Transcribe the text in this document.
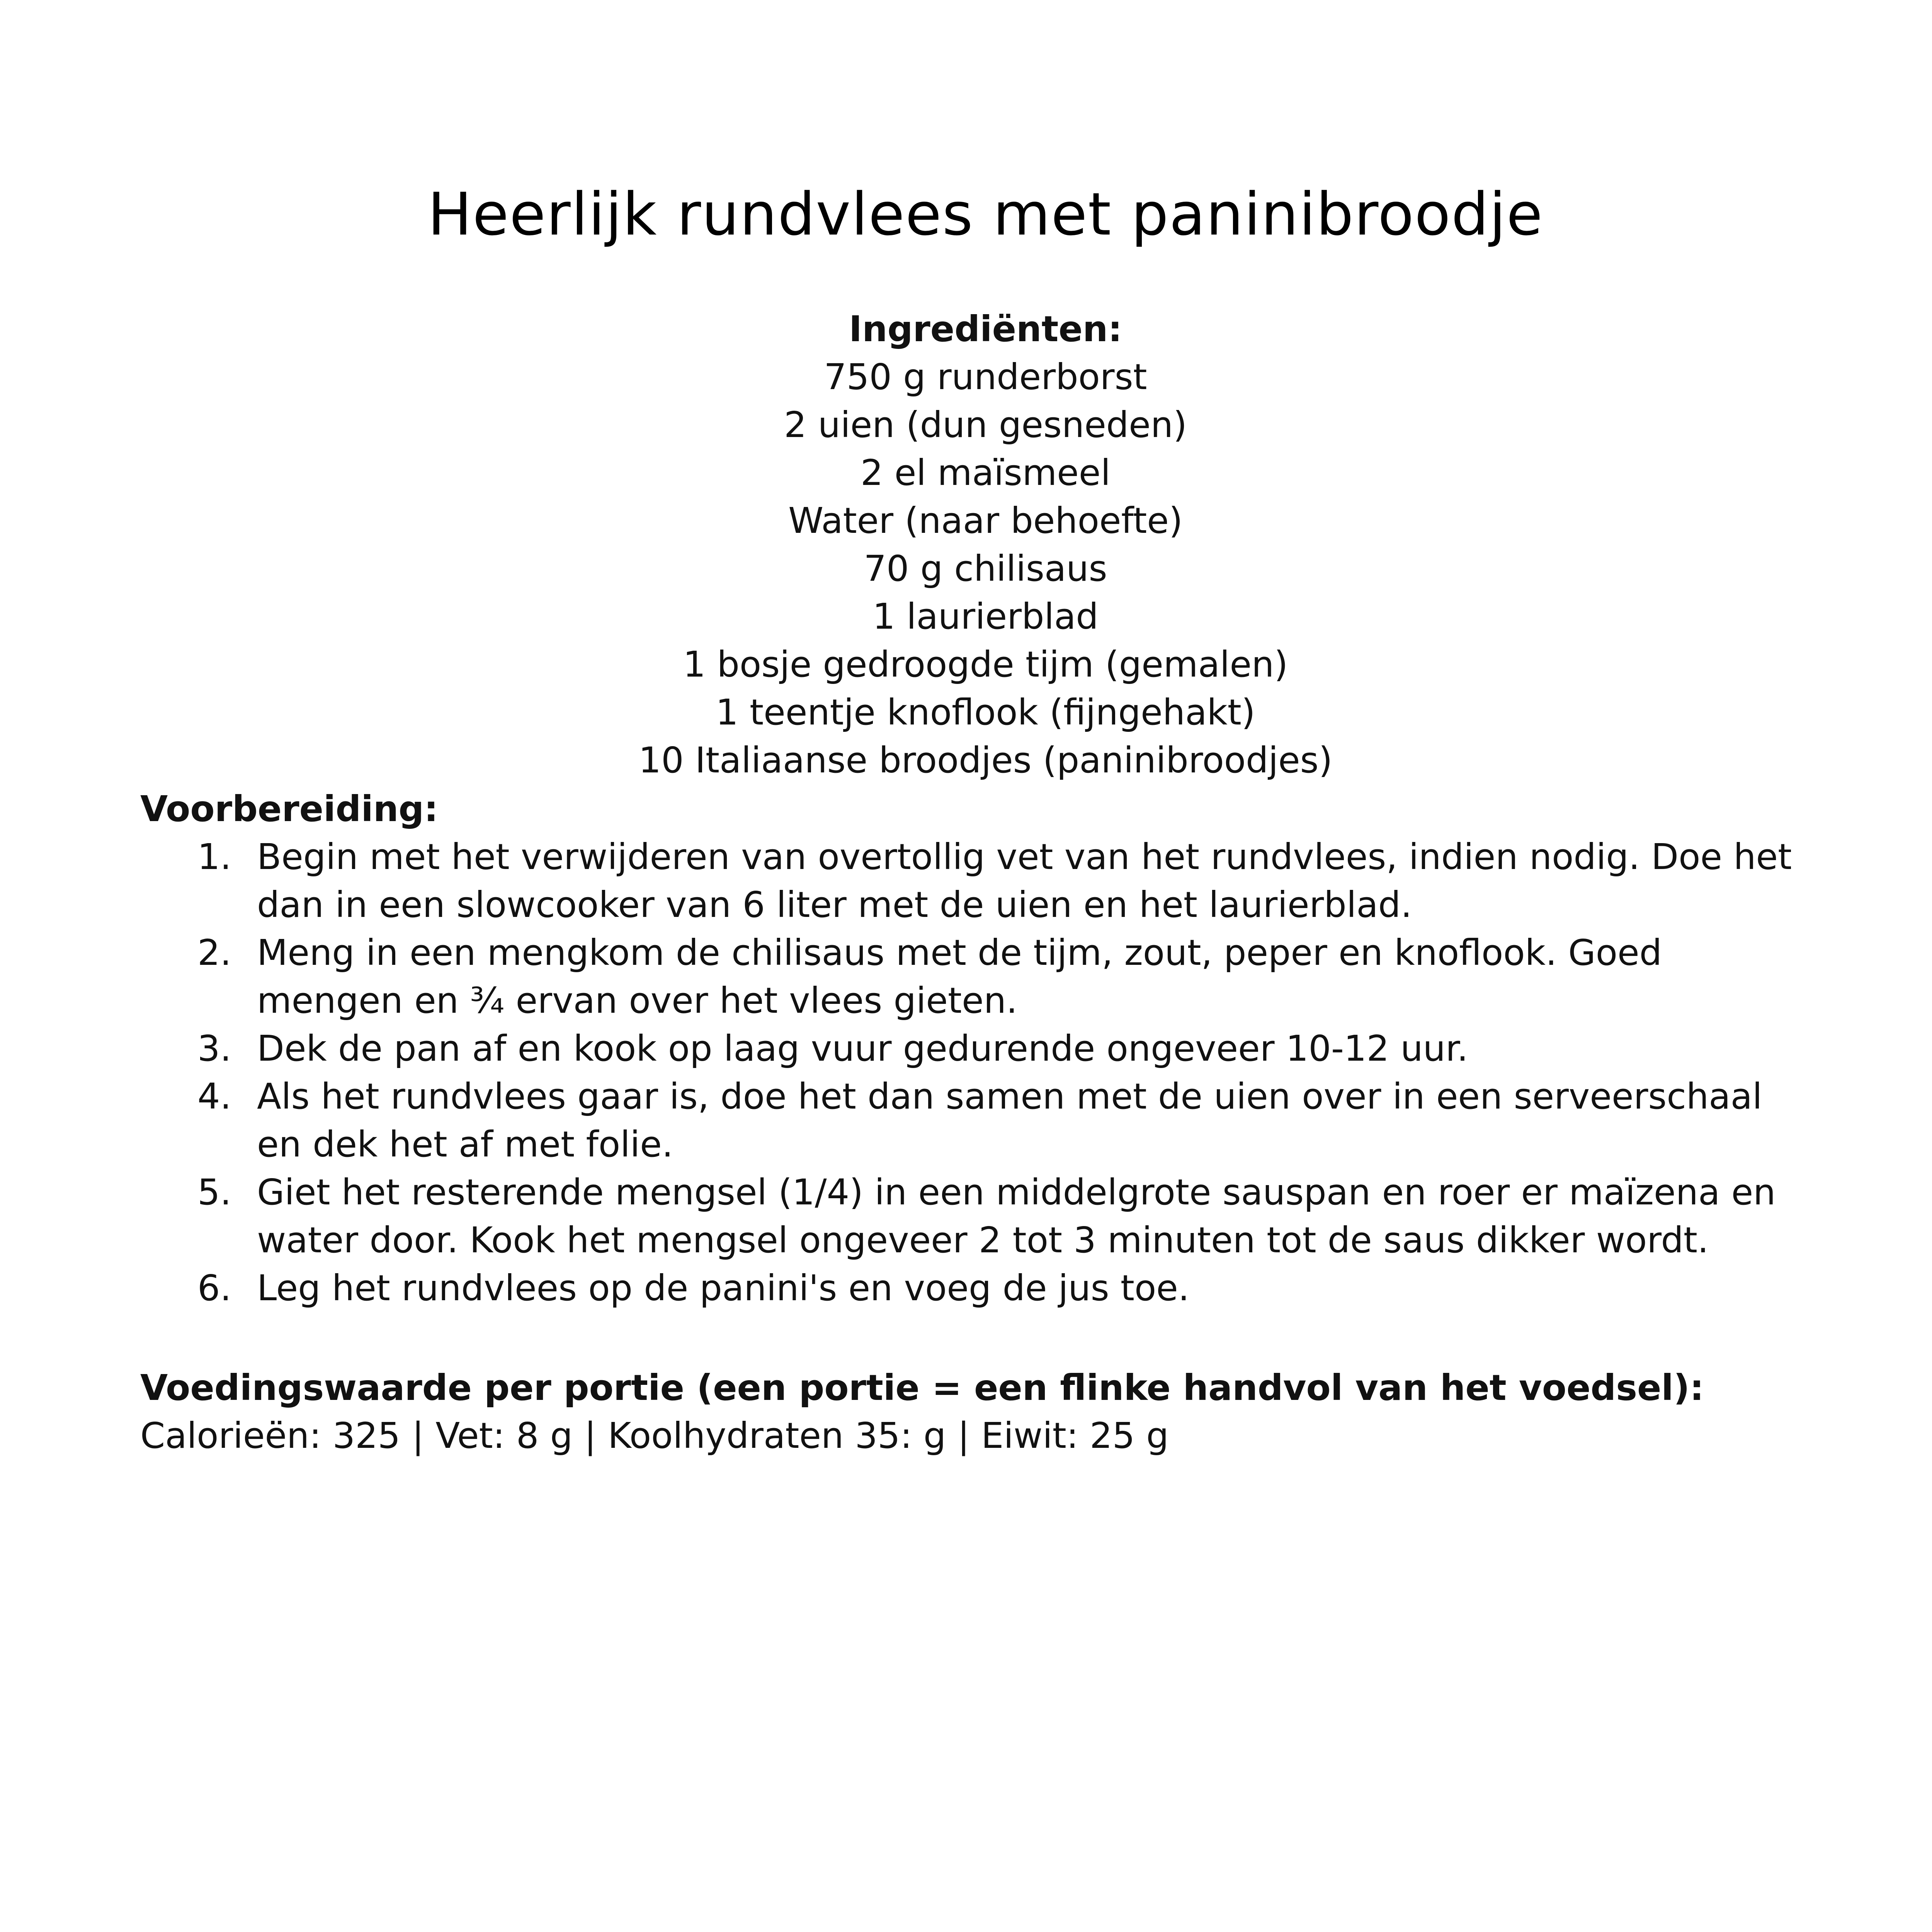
Heerlijk rundvlees met paninibroodje

Ingrediënten:

750 g runderborst
2 uien (dun gesneden)
2 el maïsmeel
Water (naar behoefte)
70 g chilisaus
1 laurierblad
1 bosje gedroogde tijm (gemalen)
1 teentje knoflook (fijngehakt)
10 Italiaanse broodjes (paninibroodjes)

Voorbereiding:

1. Begin met het verwijderen van overtollig vet van het rundvlees, indien nodig. Doe het dan in een slowcooker van 6 liter met de uien en het laurierblad.
2. Meng in een mengkom de chilisaus met de tijm, zout, peper en knoflook. Goed mengen en ¾ ervan over het vlees gieten.
3. Dek de pan af en kook op laag vuur gedurende ongeveer 10-12 uur.
4. Als het rundvlees gaar is, doe het dan samen met de uien over in een serveerschaal en dek het af met folie.
5. Giet het resterende mengsel (1/4) in een middelgrote sauspan en roer er maïzena en water door. Kook het mengsel ongeveer 2 tot 3 minuten tot de saus dikker wordt.
6. Leg het rundvlees op de panini's en voeg de jus toe.

Voedingswaarde per portie (een portie = een flinke handvol van het voedsel):

Calorieën: 325 | Vet: 8 g | Koolhydraten 35: g | Eiwit: 25 g
